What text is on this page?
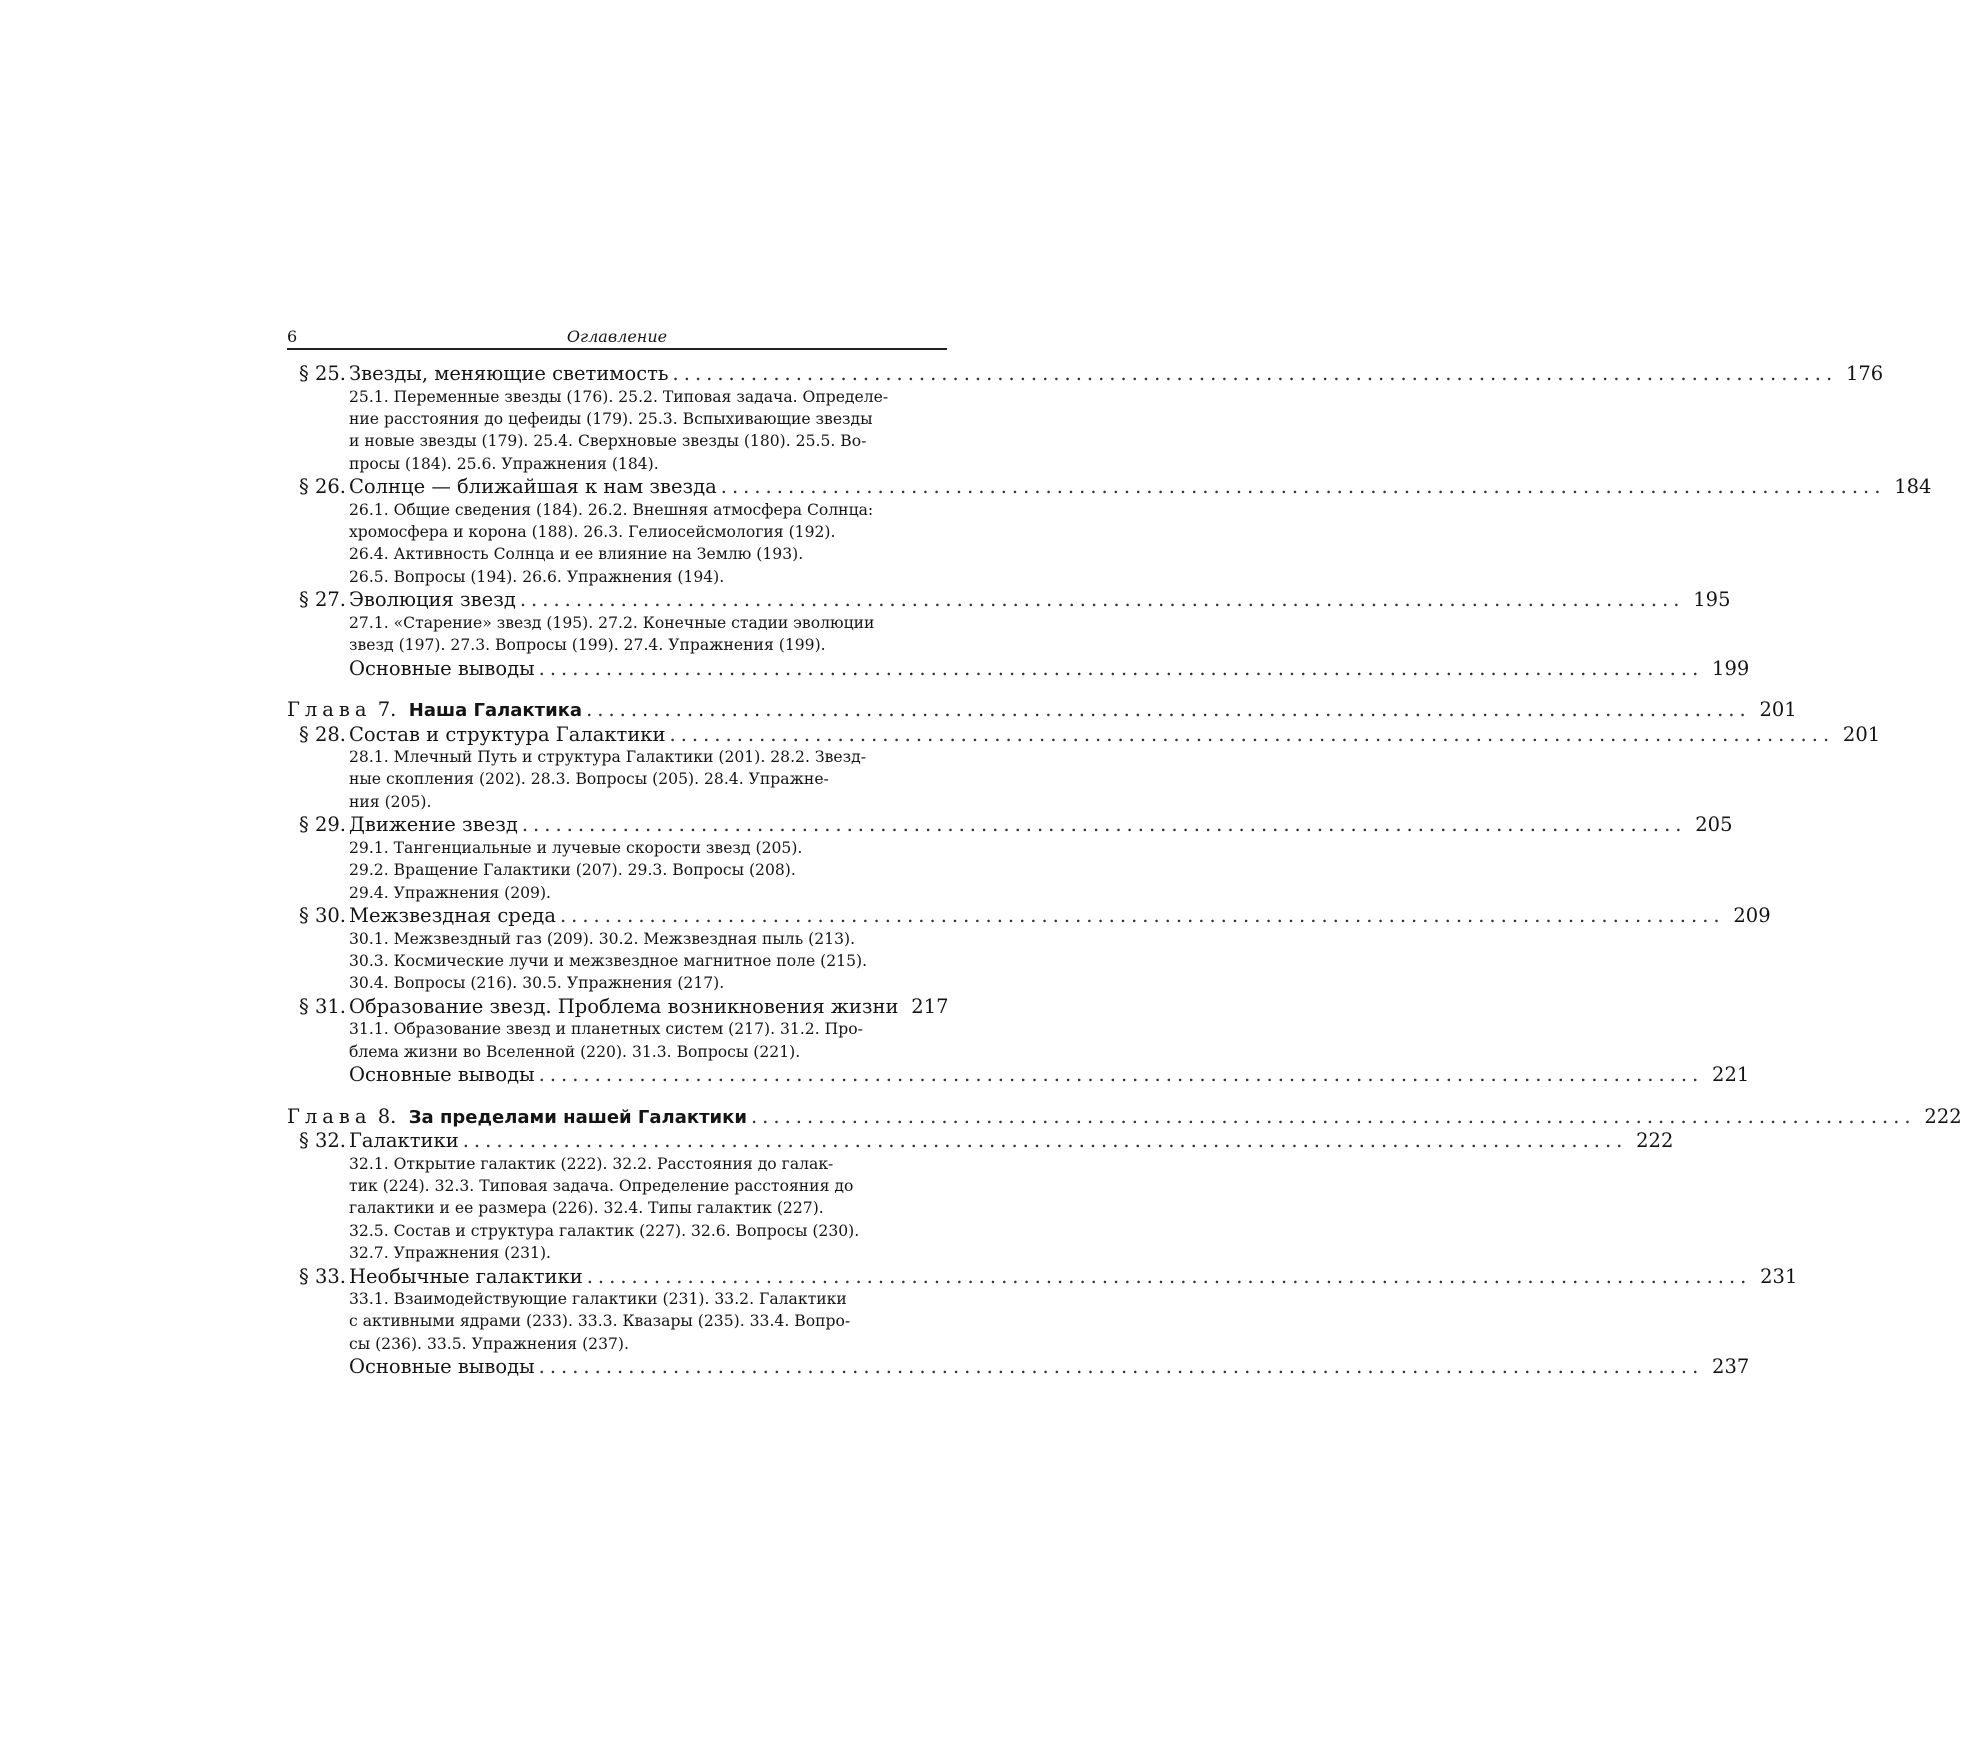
6	Оглавление
§ 25. Звезды, меняющие светимость ........................................................................................................ 176
25.1. Переменные звезды (176). 25.2. Типовая задача. Определе-
ние расстояния до цефеиды (179). 25.3. Вспыхивающие звезды
и новые звезды (179). 25.4. Сверхновые звезды (180). 25.5. Во-
просы (184). 25.6. Упражнения (184).
§ 26. Солнце — ближайшая к нам звезда ........................................................................................................ 184
26.1. Общие сведения (184). 26.2. Внешняя атмосфера Солнца:
хромосфера и корона (188). 26.3. Гелиосейсмология (192).
26.4. Активность Солнца и ее влияние на Землю (193).
26.5. Вопросы (194). 26.6. Упражнения (194).
§ 27. Эволюция звезд ........................................................................................................ 195
27.1. «Старение» звезд (195). 27.2. Конечные стадии эволюции
звезд (197). 27.3. Вопросы (199). 27.4. Упражнения (199).
Основные выводы ........................................................................................................ 199
Глава 7. Наша Галактика ........................................................................................................ 201
§ 28. Состав и структура Галактики ........................................................................................................ 201
28.1. Млечный Путь и структура Галактики (201). 28.2. Звезд-
ные скопления (202). 28.3. Вопросы (205). 28.4. Упражне-
ния (205).
§ 29. Движение звезд ........................................................................................................ 205
29.1. Тангенциальные и лучевые скорости звезд (205).
29.2. Вращение Галактики (207). 29.3. Вопросы (208).
29.4. Упражнения (209).
§ 30. Межзвездная среда ........................................................................................................ 209
30.1. Межзвездный газ (209). 30.2. Межзвездная пыль (213).
30.3. Космические лучи и межзвездное магнитное поле (215).
30.4. Вопросы (216). 30.5. Упражнения (217).
§ 31. Образование звезд. Проблема возникновения жизни 217
31.1. Образование звезд и планетных систем (217). 31.2. Про-
блема жизни во Вселенной (220). 31.3. Вопросы (221).
Основные выводы ........................................................................................................ 221
Глава 8. За пределами нашей Галактики ........................................................................................................ 222
§ 32. Галактики ........................................................................................................ 222
32.1. Открытие галактик (222). 32.2. Расстояния до галак-
тик (224). 32.3. Типовая задача. Определение расстояния до
галактики и ее размера (226). 32.4. Типы галактик (227).
32.5. Состав и структура галактик (227). 32.6. Вопросы (230).
32.7. Упражнения (231).
§ 33. Необычные галактики ........................................................................................................ 231
33.1. Взаимодействующие галактики (231). 33.2. Галактики
с активными ядрами (233). 33.3. Квазары (235). 33.4. Вопро-
сы (236). 33.5. Упражнения (237).
Основные выводы ........................................................................................................ 237
